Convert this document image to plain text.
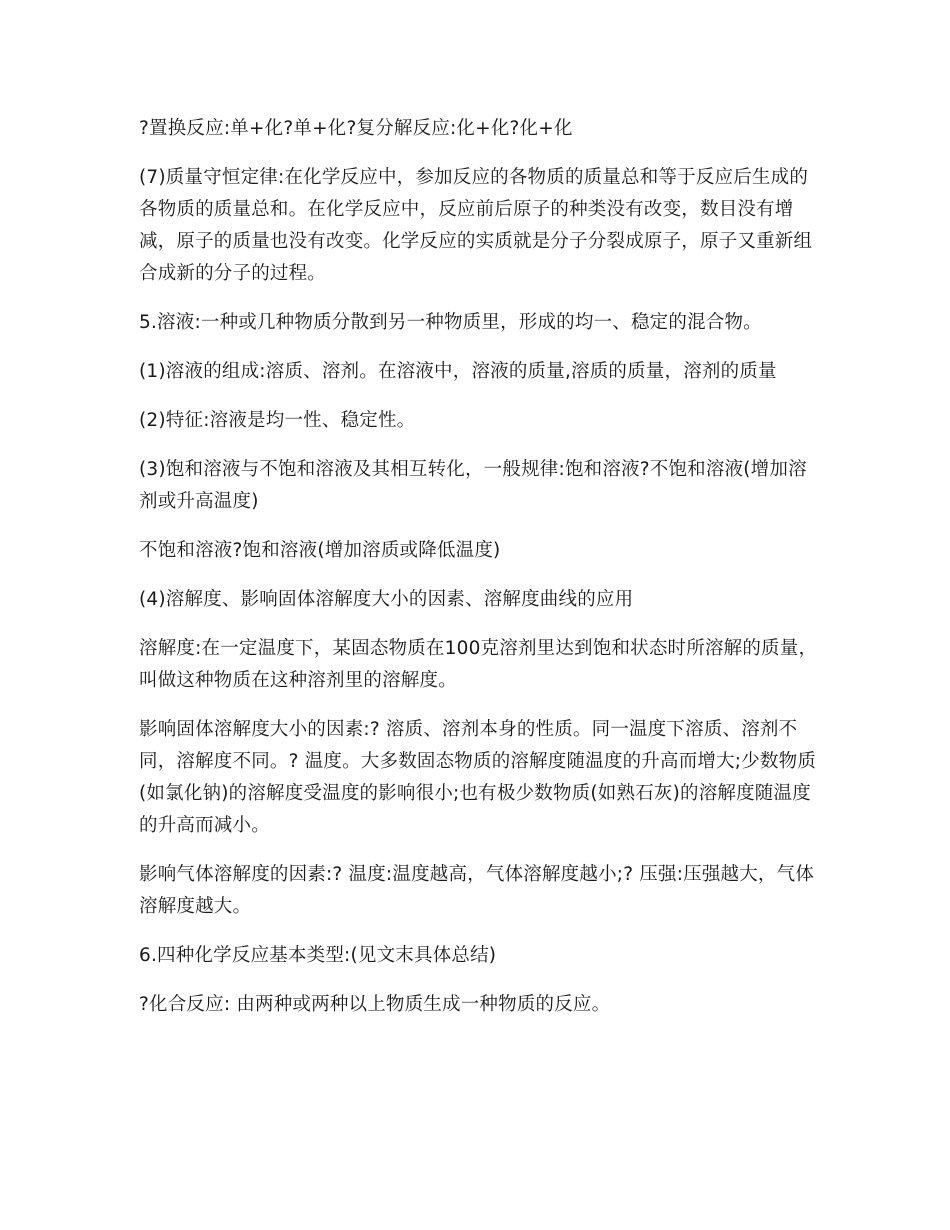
?置换反应:单+化?单+化?复分解反应:化+化?化+化

(7)质量守恒定律:在化学反应中，参加反应的各物质的质量总和等于反应后生成的各物质的质量总和。在化学反应中，反应前后原子的种类没有改变，数目没有增减，原子的质量也没有改变。化学反应的实质就是分子分裂成原子，原子又重新组合成新的分子的过程。

5.溶液:一种或几种物质分散到另一种物质里，形成的均一、稳定的混合物。

(1)溶液的组成:溶质、溶剂。在溶液中，溶液的质量,溶质的质量，溶剂的质量

(2)特征:溶液是均一性、稳定性。

(3)饱和溶液与不饱和溶液及其相互转化，一般规律:饱和溶液?不饱和溶液(增加溶剂或升高温度)

不饱和溶液?饱和溶液(增加溶质或降低温度)

(4)溶解度、影响固体溶解度大小的因素、溶解度曲线的应用

溶解度:在一定温度下，某固态物质在100克溶剂里达到饱和状态时所溶解的质量，叫做这种物质在这种溶剂里的溶解度。

影响固体溶解度大小的因素:? 溶质、溶剂本身的性质。同一温度下溶质、溶剂不同，溶解度不同。? 温度。大多数固态物质的溶解度随温度的升高而增大;少数物质(如氯化钠)的溶解度受温度的影响很小;也有极少数物质(如熟石灰)的溶解度随温度的升高而减小。

影响气体溶解度的因素:? 温度:温度越高，气体溶解度越小;? 压强:压强越大，气体溶解度越大。

6.四种化学反应基本类型:(见文末具体总结)

?化合反应: 由两种或两种以上物质生成一种物质的反应。
